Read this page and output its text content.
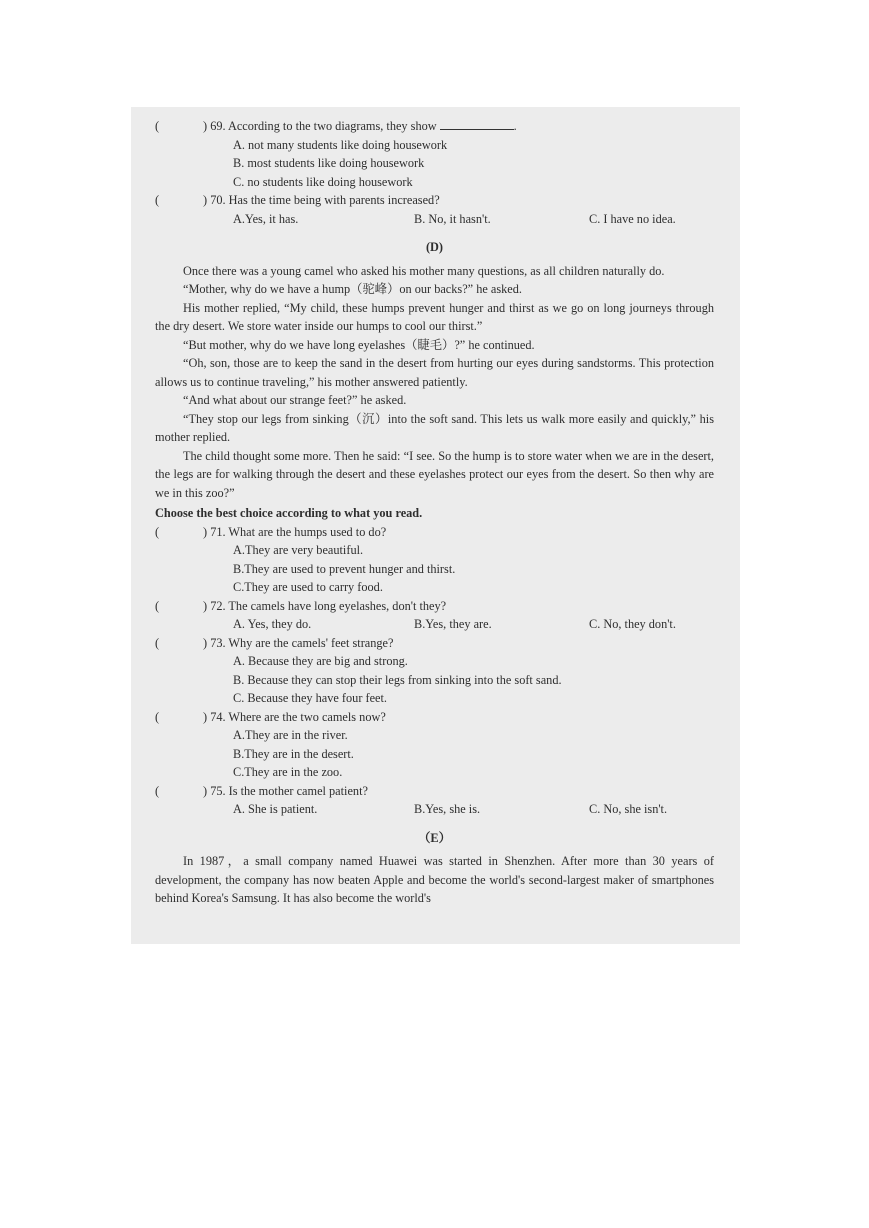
(	) 69. According to the two diagrams, they show	.
A. not many students like doing housework
B. most students like doing housework
C. no students like doing housework
(	) 70. Has the time being with parents increased?
A.Yes, it has.	B. No, it hasn't.	C. I have no idea.
(D)

Once there was a young camel who asked his mother many questions, as all children naturally do.

“Mother, why do we have a hump（驼峰）on our backs?” he asked.

His mother replied, “My child, these humps prevent hunger and thirst as we go on long journeys through the dry desert. We store water inside our humps to cool our thirst.”

“But mother, why do we have long eyelashes（睫毛）?” he continued.

“Oh, son, those are to keep the sand in the desert from hurting our eyes during sandstorms. This protection allows us to continue traveling,” his mother answered patiently.

“And what about our strange feet?” he asked.

“They stop our legs from sinking（沉）into the soft sand. This lets us walk more easily and quickly,” his mother replied.

The child thought some more. Then he said: “I see. So the hump is to store water when we are in the desert, the legs are for walking through the desert and these eyelashes protect our eyes from the desert. So then why are we in this zoo?”

Choose the best choice according to what you read.
(	) 71. What are the humps used to do?
A.They are very beautiful.
B.They are used to prevent hunger and thirst.
C.They are used to carry food.
(	) 72. The camels have long eyelashes, don't they?
A. Yes, they do.	B.Yes, they are.	C. No, they don't.
(	) 73. Why are the camels' feet strange?
A. Because they are big and strong.
B. Because they can stop their legs from sinking into the soft sand.
C. Because they have four feet.
(	) 74. Where are the two camels now?
A.They are in the river.
B.They are in the desert.
C.They are in the zoo.
(	) 75. Is the mother camel patient?
A. She is patient.	B.Yes, she is.	C. No, she isn't.
（E）

In 1987，a small company named Huawei was started in Shenzhen. After more than 30 years of development, the company has now beaten Apple and become the world's second-largest maker of smartphones behind Korea's Samsung. It has also become the world's
